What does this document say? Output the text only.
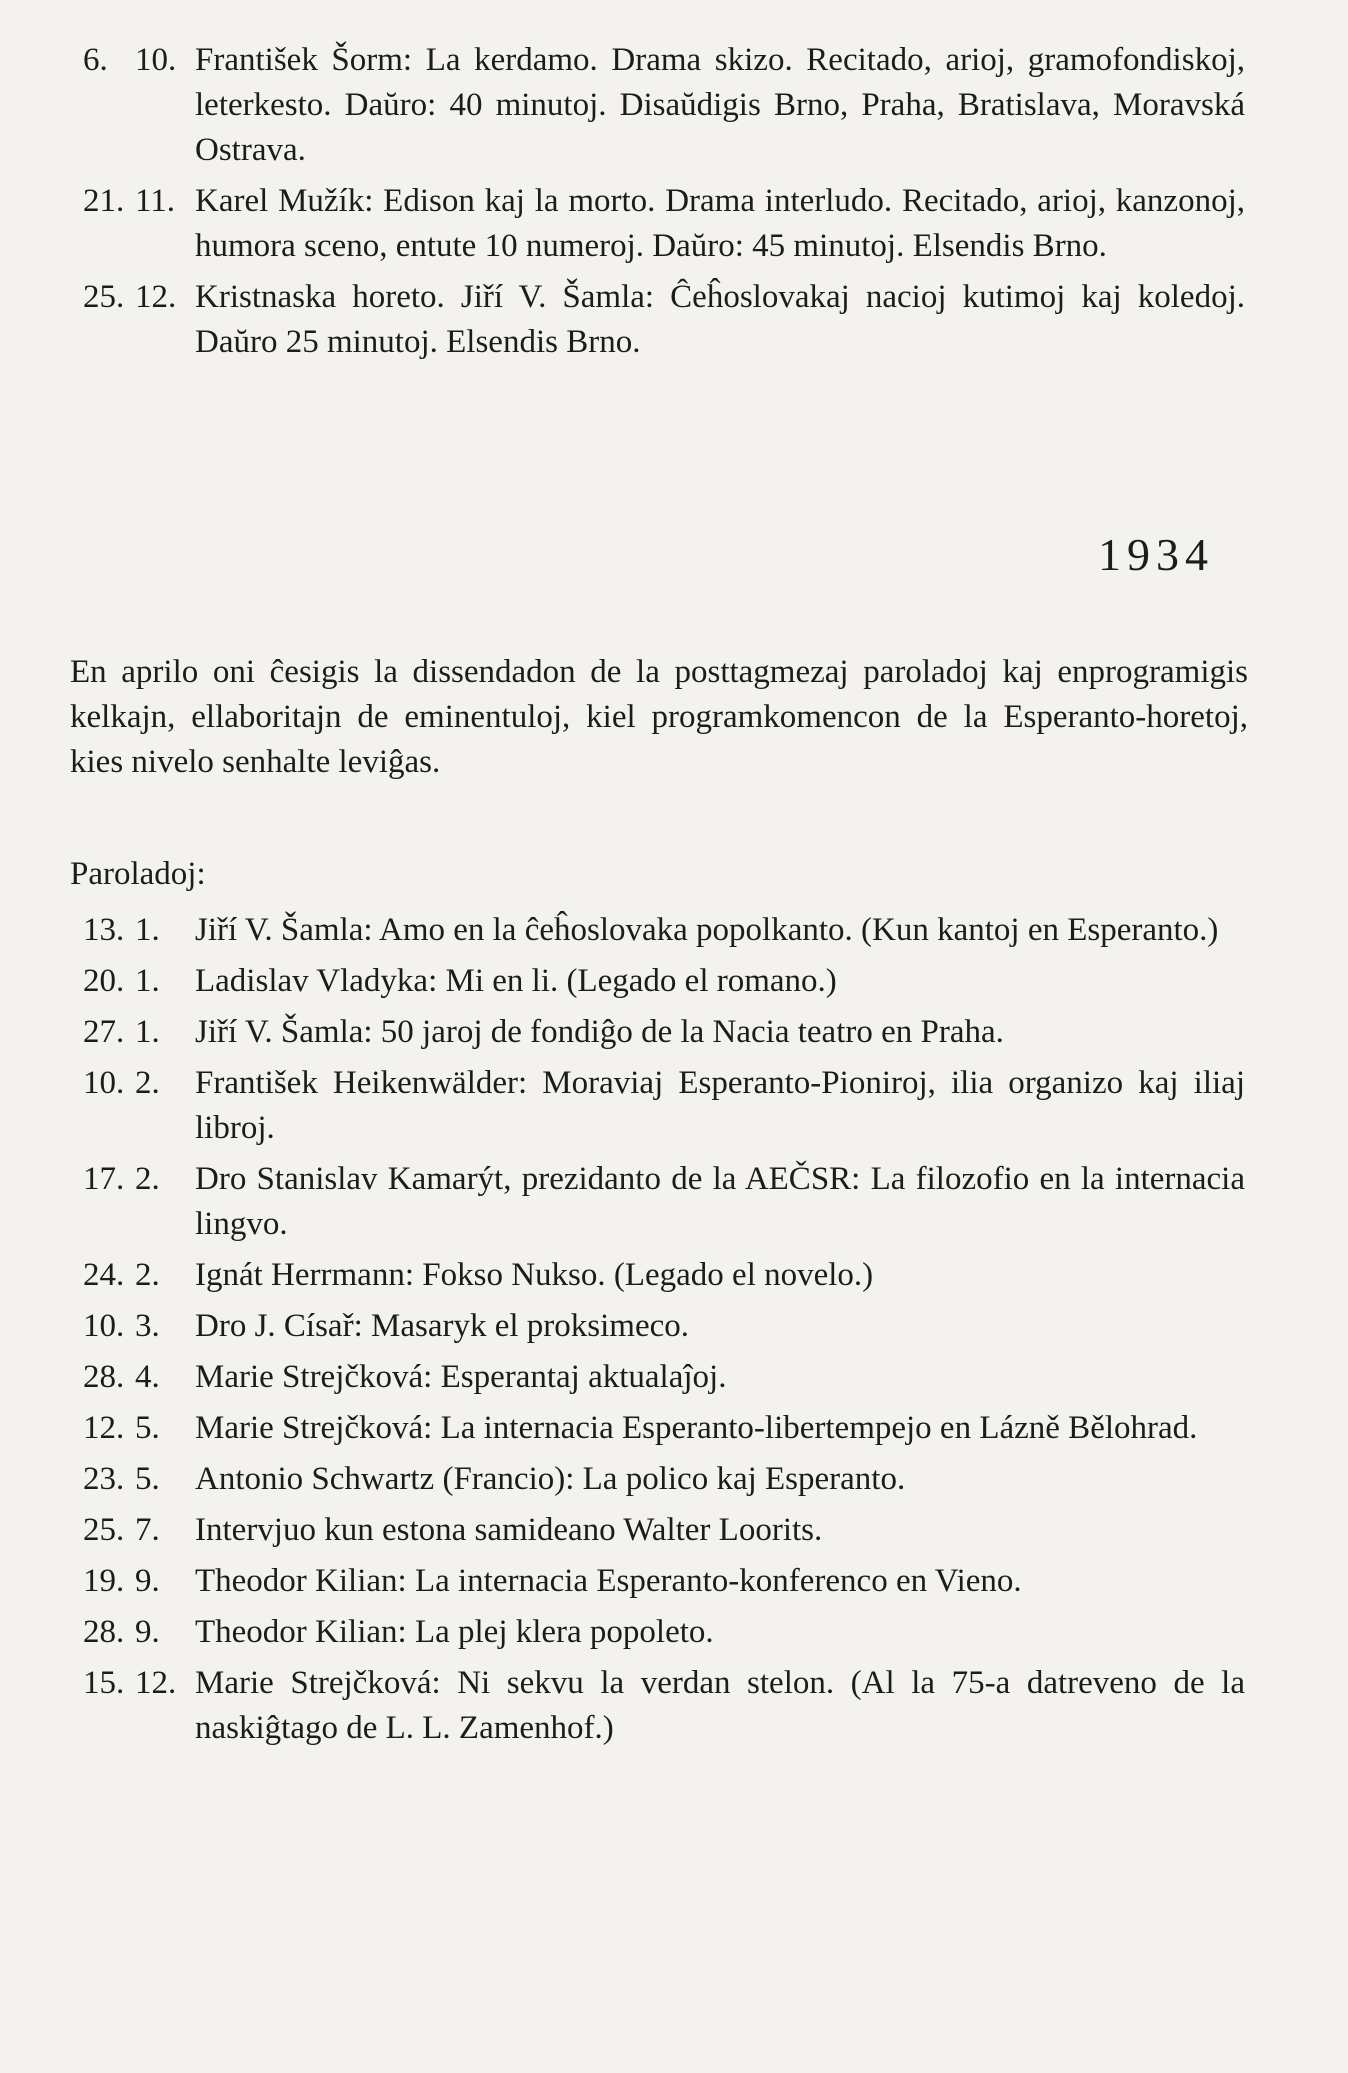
6. 10. František Šorm: La kerdamo. Drama skizo. Recitado, arioj, gramofondiskoj, leterkesto. Daŭro: 40 minutoj. Disaŭdigis Brno, Praha, Bratislava, Moravská Ostrava.
21. 11. Karel Mužík: Edison kaj la morto. Drama interludo. Recitado, arioj, kanzonoj, humora sceno, entute 10 numeroj. Daŭro: 45 minutoj. Elsendis Brno.
25. 12. Kristnaska horeto. Jiří V. Šamla: Ĉeĥoslovakaj nacioj kutimoj kaj koledoj. Daŭro 25 minutoj. Elsendis Brno.
1934
En aprilo oni ĉesigis la dissendadon de la posttagmezaj paroladoj kaj enprogramigis kelkajn, ellaboritajn de eminentuloj, kiel programkomencon de la Esperanto-horetoj, kies nivelo senhalte leviĝas.
Paroladoj:
13. 1. Jiří V. Šamla: Amo en la ĉeĥoslovaka popolkanto. (Kun kantoj en Esperanto.)
20. 1. Ladislav Vladyka: Mi en li. (Legado el romano.)
27. 1. Jiří V. Šamla: 50 jaroj de fondiĝo de la Nacia teatro en Praha.
10. 2. František Heikenwälder: Moraviaj Esperanto-Pioniroj, ilia organizo kaj iliaj libroj.
17. 2. Dro Stanislav Kamarýt, prezidanto de la AEČSR: La filozofio en la internacia lingvo.
24. 2. Ignát Herrmann: Fokso Nukso. (Legado el novelo.)
10. 3. Dro J. Císař: Masaryk el proksimeco.
28. 4. Marie Strejčková: Esperantaj aktualaĵoj.
12. 5. Marie Strejčková: La internacia Esperanto-libertempejo en Lázně Bělohrad.
23. 5. Antonio Schwartz (Francio): La polico kaj Esperanto.
25. 7. Intervjuo kun estona samideano Walter Loorits.
19. 9. Theodor Kilian: La internacia Esperanto-konferenco en Vieno.
28. 9. Theodor Kilian: La plej klera popoleto.
15. 12. Marie Strejčková: Ni sekvu la verdan stelon. (Al la 75-a datreveno de la naskiĝtago de L. L. Zamenhof.)
